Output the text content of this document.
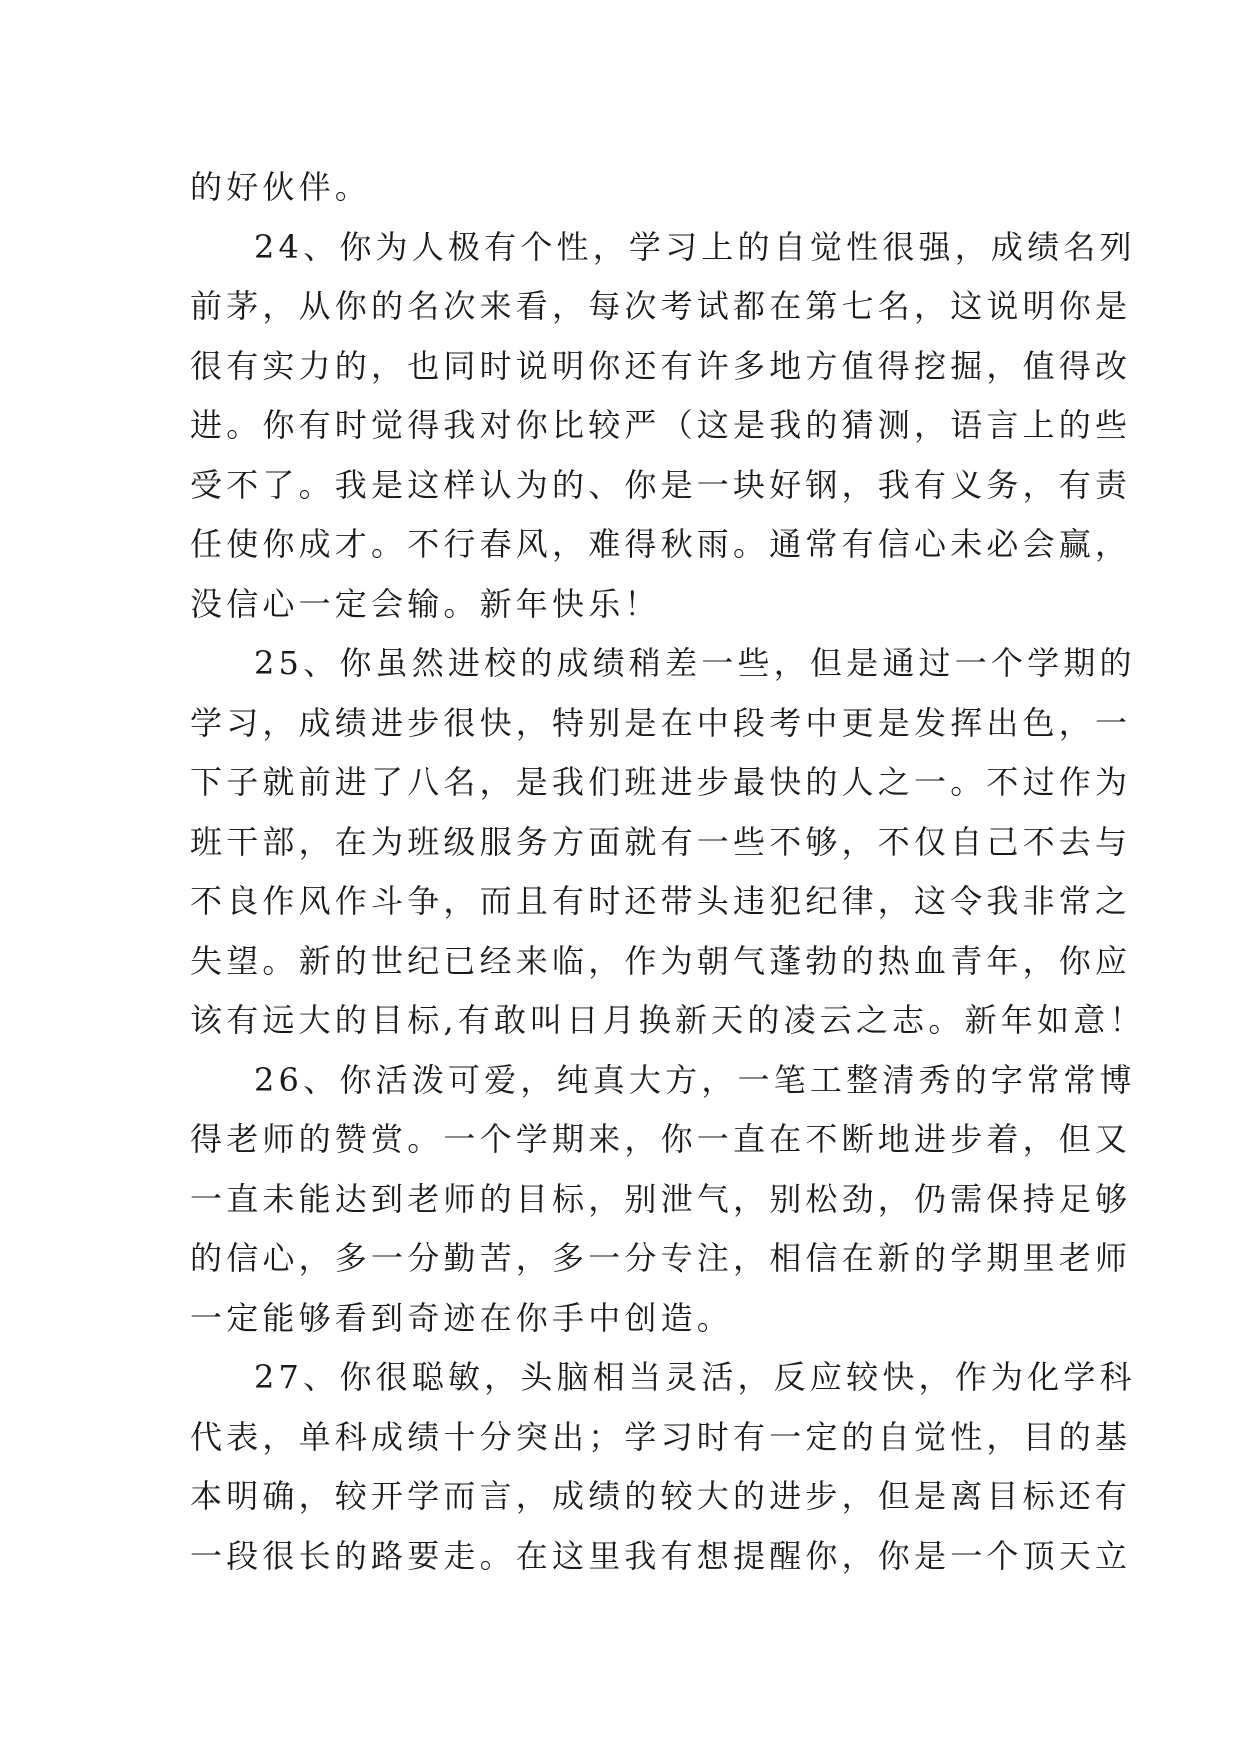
的好伙伴。
24、你为人极有个性，学习上的自觉性很强，成绩名列
前茅，从你的名次来看，每次考试都在第七名，这说明你是
很有实力的，也同时说明你还有许多地方值得挖掘，值得改
进。你有时觉得我对你比较严（这是我的猜测，语言上的些
受不了。我是这样认为的、你是一块好钢，我有义务，有责
任使你成才。不行春风，难得秋雨。通常有信心未必会赢，
没信心一定会输。新年快乐！
25、你虽然进校的成绩稍差一些，但是通过一个学期的
学习，成绩进步很快，特别是在中段考中更是发挥出色，一
下子就前进了八名，是我们班进步最快的人之一。不过作为
班干部，在为班级服务方面就有一些不够，不仅自己不去与
不良作风作斗争，而且有时还带头违犯纪律，这令我非常之
失望。新的世纪已经来临，作为朝气蓬勃的热血青年，你应
该有远大的目标,有敢叫日月换新天的凌云之志。新年如意！
26、你活泼可爱，纯真大方，一笔工整清秀的字常常博
得老师的赞赏。一个学期来，你一直在不断地进步着，但又
一直未能达到老师的目标，别泄气，别松劲，仍需保持足够
的信心，多一分勤苦，多一分专注，相信在新的学期里老师
一定能够看到奇迹在你手中创造。
27、你很聪敏，头脑相当灵活，反应较快，作为化学科
代表，单科成绩十分突出；学习时有一定的自觉性，目的基
本明确，较开学而言，成绩的较大的进步，但是离目标还有
一段很长的路要走。在这里我有想提醒你，你是一个顶天立
